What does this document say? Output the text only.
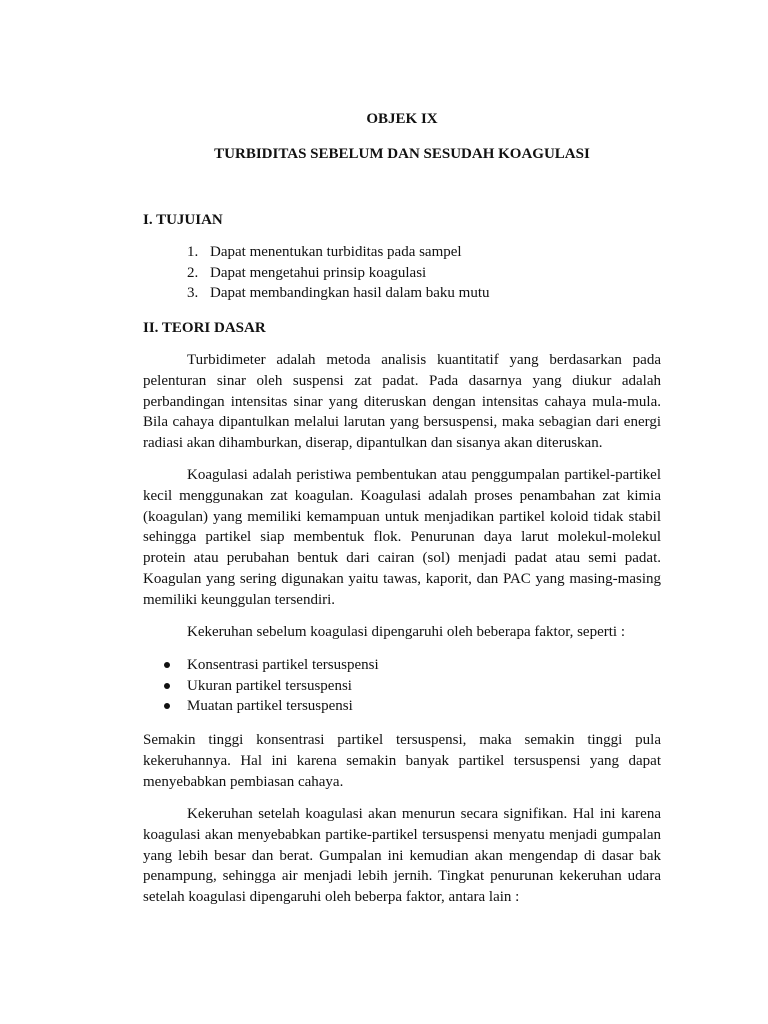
OBJEK IX
TURBIDITAS SEBELUM DAN SESUDAH KOAGULASI
I. TUJUIAN
1. Dapat menentukan turbiditas pada sampel
2. Dapat mengetahui prinsip koagulasi
3. Dapat membandingkan hasil dalam baku mutu
II. TEORI DASAR

Turbidimeter adalah metoda analisis kuantitatif yang berdasarkan pada pelenturan sinar oleh suspensi zat padat. Pada dasarnya yang diukur adalah perbandingan intensitas sinar yang diteruskan dengan intensitas cahaya mula-mula. Bila cahaya dipantulkan melalui larutan yang bersuspensi, maka sebagian dari energi radiasi akan dihamburkan, diserap, dipantulkan dan sisanya akan diteruskan.

Koagulasi adalah peristiwa pembentukan atau penggumpalan partikel-partikel kecil menggunakan zat koagulan. Koagulasi adalah proses penambahan zat kimia (koagulan) yang memiliki kemampuan untuk menjadikan partikel koloid tidak stabil sehingga partikel siap membentuk flok. Penurunan daya larut molekul-molekul protein atau perubahan bentuk dari cairan (sol) menjadi padat atau semi padat. Koagulan yang sering digunakan yaitu tawas, kaporit, dan PAC yang masing-masing memiliki keunggulan tersendiri.

Kekeruhan sebelum koagulasi dipengaruhi oleh beberapa faktor, seperti :

Konsentrasi partikel tersuspensi
Ukuran partikel tersuspensi
Muatan partikel tersuspensi

Semakin tinggi konsentrasi partikel tersuspensi, maka semakin tinggi pula kekeruhannya. Hal ini karena semakin banyak partikel tersuspensi yang dapat menyebabkan pembiasan cahaya.

Kekeruhan setelah koagulasi akan menurun secara signifikan. Hal ini karena koagulasi akan menyebabkan partike-partikel tersuspensi menyatu menjadi gumpalan yang lebih besar dan berat. Gumpalan ini kemudian akan mengendap di dasar bak penampung, sehingga air menjadi lebih jernih. Tingkat penurunan kekeruhan udara setelah koagulasi dipengaruhi oleh beberpa faktor, antara lain :
